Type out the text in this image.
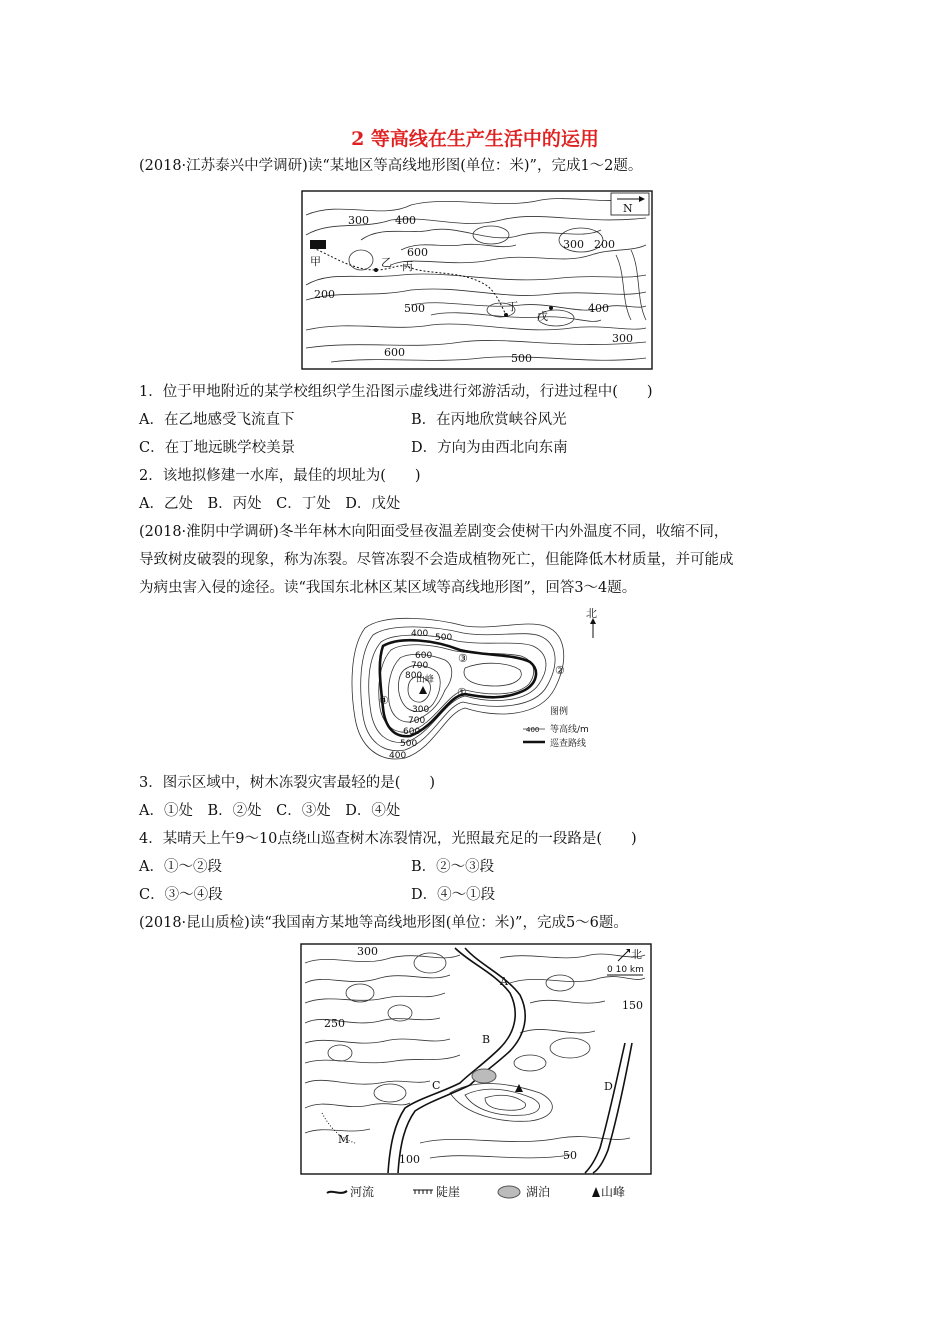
2 等高线在生产生活中的运用
(2018·江苏泰兴中学调研)读“某地区等高线地形图(单位：米)”，完成1～2题。
N
300 400
600
300 200
200
500	400
300
600	500
甲	乙 丙
丁
戊
1．位于甲地附近的某学校组织学生沿图示虚线进行郊游活动，行进过程中(　　)
A．在乙地感受飞流直下	B．在丙地欣赏峡谷风光
C．在丁地远眺学校美景	D．方向为由西北向东南
2．该地拟修建一水库，最佳的坝址为(　　)
A．乙处　B．丙处　C．丁处　D．戊处
(2018·淮阴中学调研)冬半年林木向阳面受昼夜温差剧变会使树干内外温度不同，收缩不同，
导致树皮破裂的现象，称为冻裂。尽管冻裂不会造成植物死亡，但能降低木材质量，并可能成
为病虫害入侵的途径。读“我国东北林区某区域等高线地形图”，回答3～4题。
山峰
北
400 500
600
700
800
300
700
600
500
400
③
②
①
④
图例
400 等高线/m
巡查路线
3．图示区域中，树木冻裂灾害最轻的是(　　)
A．①处　B．②处　C．③处　D．④处
4．某晴天上午9～10点绕山巡查树木冻裂情况，光照最充足的一段路是(　　)
A．①～②段	B．②～③段
C．③～④段	D．④～①段
(2018·昆山质检)读“我国南方某地等高线地形图(单位：米)”，完成5～6题。
北
0 10 km
300
250
150
100	50
A
B
C	D
M
河流	陡崖	湖泊	山峰
